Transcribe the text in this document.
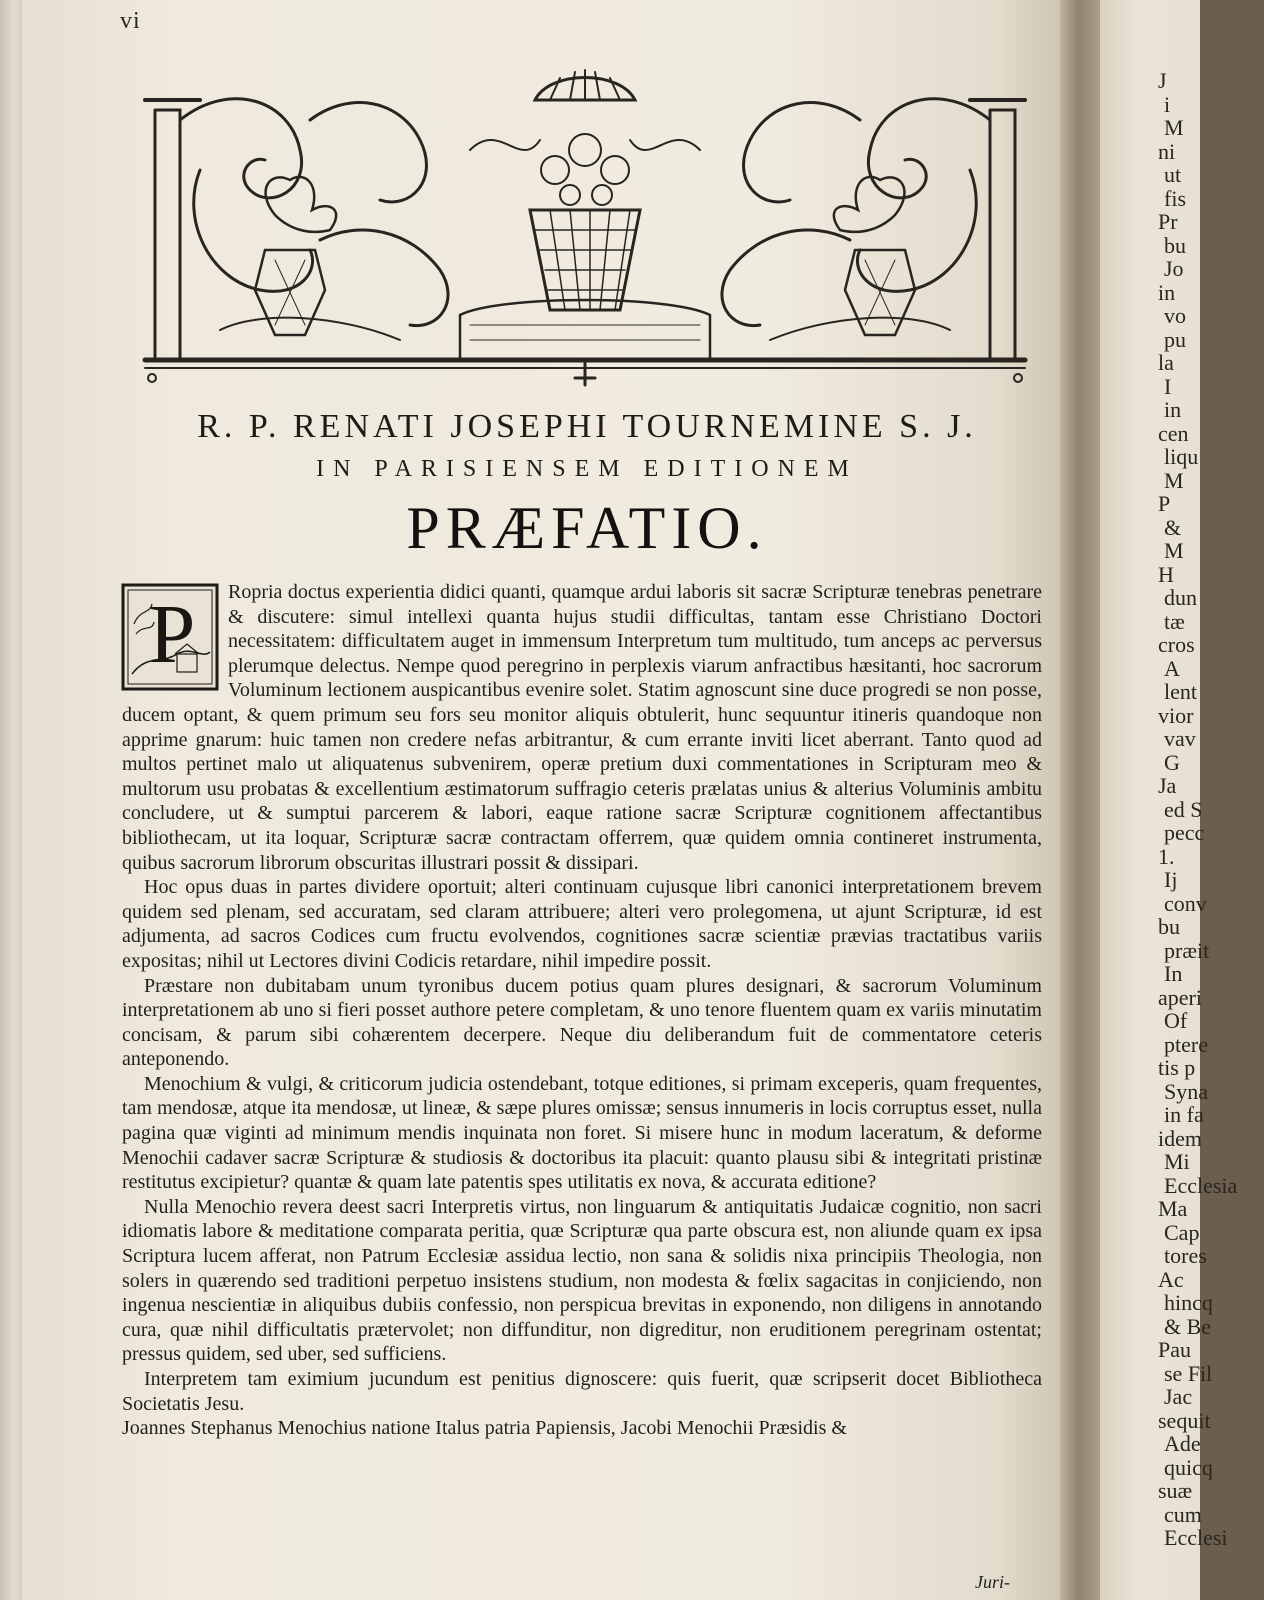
vi
R. P. RENATI JOSEPHI TOURNEMINE S. J.
IN PARISIENSEM EDITIONEM
PRÆFATIO.
P	Ropria doctus experientia didici quanti, quamque ardui laboris sit sacræ Scripturæ tenebras penetrare & discutere: simul intellexi quanta hujus studii difficultas, tantam esse Christiano Doctori necessitatem: difficultatem auget in immensum Interpretum tum multitudo, tum anceps ac perversus plerumque delectus. Nempe quod peregrino in perplexis viarum anfractibus hæsitanti, hoc sacrorum Voluminum lectionem auspicantibus evenire solet. Statim agnoscunt sine duce progredi se non posse, ducem optant, & quem primum seu fors seu monitor aliquis obtulerit, hunc sequuntur itineris quandoque non apprime gnarum: huic tamen non credere nefas arbitrantur, & cum errante inviti licet aberrant. Tanto quod ad multos pertinet malo ut aliquatenus subvenirem, operæ pretium duxi commentationes in Scripturam meo & multorum usu probatas & excellentium æstimatorum suffragio ceteris prælatas unius & alterius Voluminis ambitu concludere, ut & sumptui parcerem & labori, eaque ratione sacræ Scripturæ cognitionem affectantibus bibliothecam, ut ita loquar, Scripturæ sacræ contractam offerrem, quæ quidem omnia contineret instrumenta, quibus sacrorum librorum obscuritas illustrari possit & dissipari.

Hoc opus duas in partes dividere oportuit; alteri continuam cujusque libri canonici interpretationem brevem quidem sed plenam, sed accuratam, sed claram attribuere; alteri vero prolegomena, ut ajunt Scripturæ, id est adjumenta, ad sacros Codices cum fructu evolvendos, cognitiones sacræ scientiæ prævias tractatibus variis expositas; nihil ut Lectores divini Codicis retardare, nihil impedire possit.

Præstare non dubitabam unum tyronibus ducem potius quam plures designari, & sacrorum Voluminum interpretationem ab uno si fieri posset authore petere completam, & uno tenore fluentem quam ex variis minutatim concisam, & parum sibi cohærentem decerpere. Neque diu deliberandum fuit de commentatore ceteris anteponendo.

Menochium & vulgi, & criticorum judicia ostendebant, totque editiones, si primam exceperis, quam frequentes, tam mendosæ, atque ita mendosæ, ut lineæ, & sæpe plures omissæ; sensus innumeris in locis corruptus esset, nulla pagina quæ viginti ad minimum mendis inquinata non foret. Si misere hunc in modum laceratum, & deforme Menochii cadaver sacræ Scripturæ & studiosis & doctoribus ita placuit: quanto plausu sibi & integritati pristinæ restitutus excipietur? quantæ & quam late patentis spes utilitatis ex nova, & accurata editione?

Nulla Menochio revera deest sacri Interpretis virtus, non linguarum & antiquitatis Judaicæ cognitio, non sacri idiomatis labore & meditatione comparata peritia, quæ Scripturæ qua parte obscura est, non aliunde quam ex ipsa Scriptura lucem afferat, non Patrum Ecclesiæ assidua lectio, non sana & solidis nixa principiis Theologia, non solers in quærendo sed traditioni perpetuo insistens studium, non modesta & fœlix sagacitas in conjiciendo, non ingenua nescientiæ in aliquibus dubiis confessio, non perspicua brevitas in exponendo, non diligens in annotando cura, quæ nihil difficultatis prætervolet; non diffunditur, non digreditur, non eruditionem peregrinam ostentat; pressus quidem, sed uber, sed sufficiens.

Interpretem tam eximium jucundum est penitius dignoscere: quis fuerit, quæ scripserit docet Bibliotheca Societatis Jesu.

Joannes Stephanus Menochius natione Italus patria Papiensis, Jacobi Menochii Præsidis &

Juri-
J
i
M
ni
ut
fis
Pr
bu
Jo
in
vo
pu
la
I
in
cen
liqu
M
P
&
M
H
dun
tæ
cros
A
lent
vior
vav
G
Ja
ed S
pecc
1.
Ij
conv
bu
præit
In
aperi
Of
ptere
tis p
Syna
in fa
idem
Mi
Ecclesia
Ma
Cap
tores
Ac
hincq
& Be
Pau
se Fil
Jac
sequit
Ade
quicq
suæ
cum
Ecclesi
